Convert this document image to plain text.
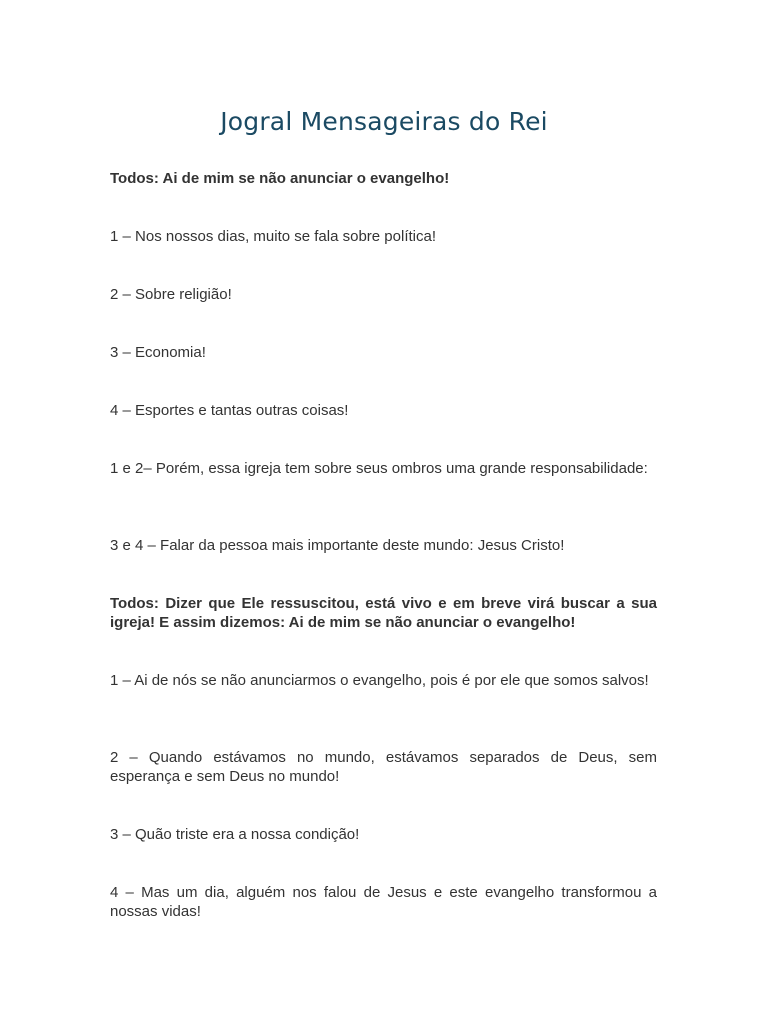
Jogral Mensageiras do Rei

Todos: Ai de mim se não anunciar o evangelho!

1 – Nos nossos dias, muito se fala sobre política!

2 – Sobre religião!

3 – Economia!

4 – Esportes e tantas outras coisas!

1 e 2– Porém, essa igreja tem sobre seus ombros uma grande responsabilidade:

3 e 4 – Falar da pessoa mais importante deste mundo: Jesus Cristo!

Todos: Dizer que Ele ressuscitou, está vivo e em breve virá buscar a sua igreja! E assim dizemos: Ai de mim se não anunciar o evangelho!

1 – Ai de nós se não anunciarmos o evangelho, pois é por ele que somos salvos!

2 – Quando estávamos no mundo, estávamos separados de Deus, sem esperança e sem Deus no mundo!

3 – Quão triste era a nossa condição!

4 – Mas um dia, alguém nos falou de Jesus e este evangelho transformou a nossas vidas!
